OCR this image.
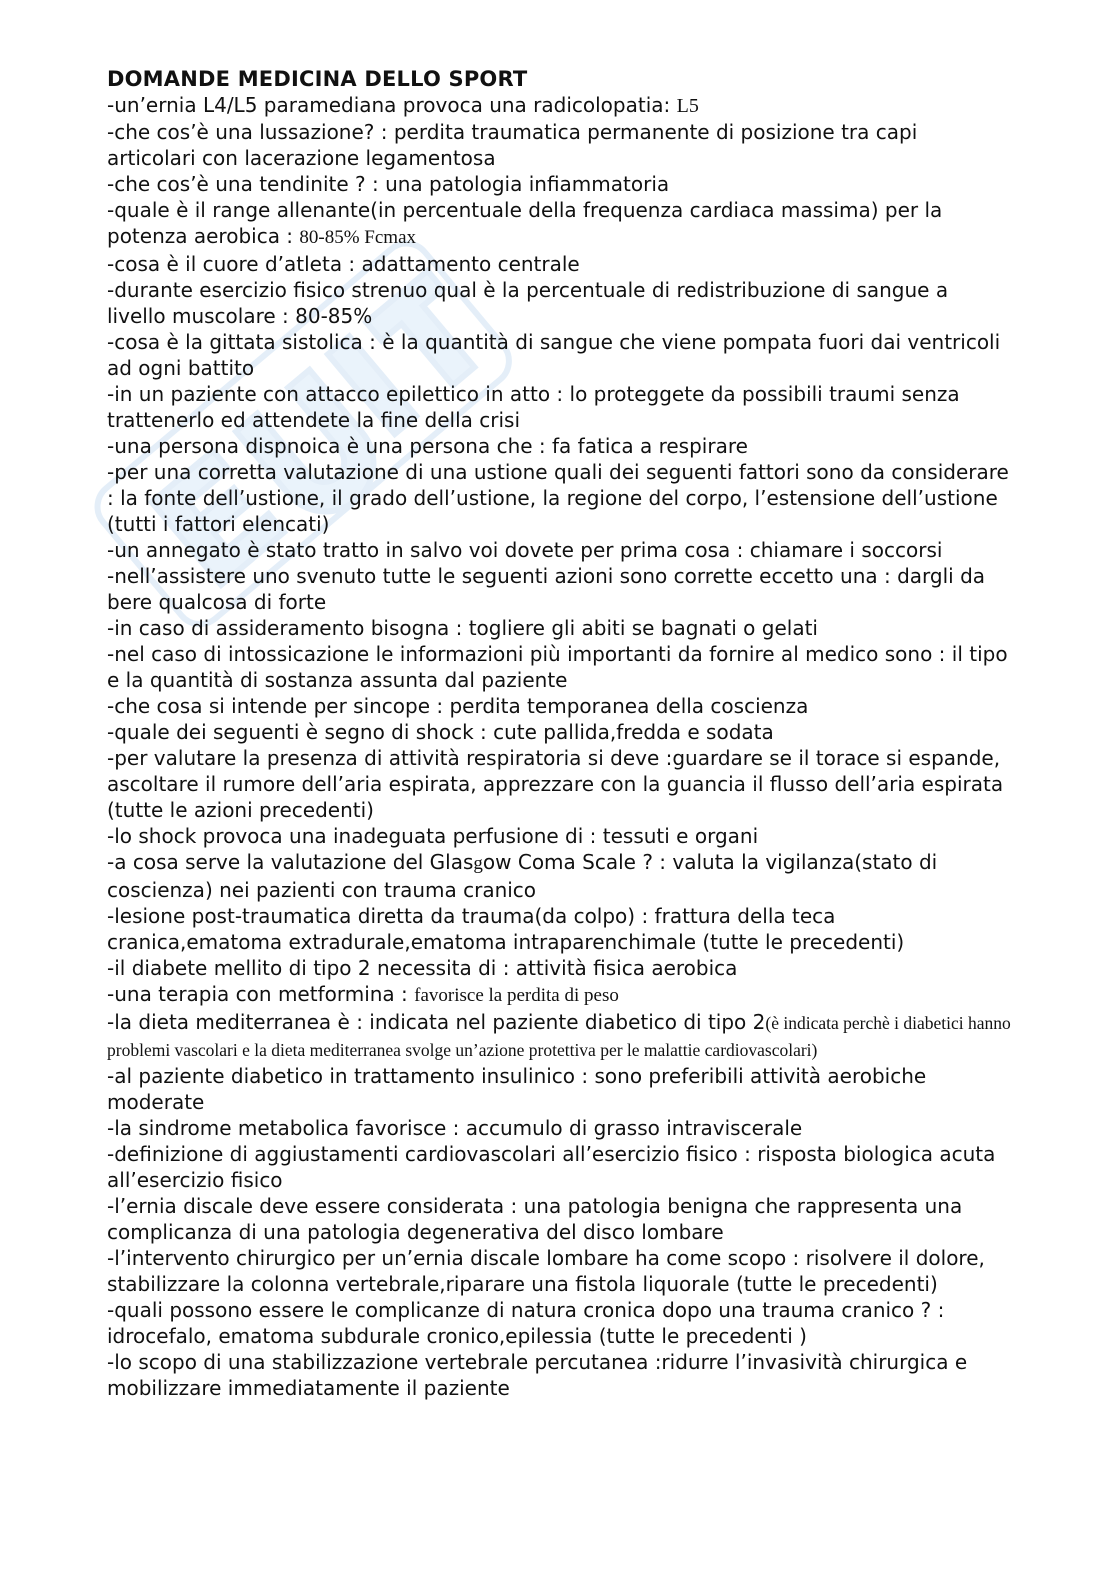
DOMANDE MEDICINA DELLO SPORT

-un’ernia L4/L5 paramediana provoca una radicolopatia: L5

-che cos’è una lussazione? : perdita traumatica permanente di posizione tra capi articolari con lacerazione legamentosa

-che cos’è una tendinite ? : una patologia infiammatoria

-quale è il range allenante(in percentuale della frequenza cardiaca massima) per la potenza aerobica : 80-85% Fcmax

-cosa è il cuore d’atleta : adattamento centrale

-durante esercizio fisico strenuo qual è la percentuale di redistribuzione di sangue a livello muscolare : 80-85%

-cosa è la gittata sistolica : è la quantità di sangue che viene pompata fuori dai ventricoli ad ogni battito

-in un paziente con attacco epilettico in atto : lo proteggete da possibili traumi senza trattenerlo ed attendete la fine della crisi

-una persona dispnoica è una persona che : fa fatica a respirare

-per una corretta valutazione di una ustione quali dei seguenti fattori sono da considerare : la fonte dell’ustione, il grado dell’ustione, la regione del corpo, l’estensione dell’ustione (tutti i fattori elencati)

-un annegato è stato tratto in salvo voi dovete per prima cosa : chiamare i soccorsi

-nell’assistere uno svenuto tutte le seguenti azioni sono corrette eccetto una : dargli da bere qualcosa di forte

-in caso di assideramento bisogna : togliere gli abiti se bagnati o gelati

-nel caso di intossicazione le informazioni più importanti da fornire al medico sono : il tipo e la quantità di sostanza assunta dal paziente

-che cosa si intende per sincope : perdita temporanea della coscienza

-quale dei seguenti è segno di shock : cute pallida,fredda e sodata

-per valutare la presenza di attività respiratoria si deve :guardare se il torace si espande, ascoltare il rumore dell’aria espirata, apprezzare con la guancia il flusso dell’aria espirata (tutte le azioni precedenti)

-lo shock provoca una inadeguata perfusione di : tessuti e organi

-a cosa serve la valutazione del Glasgow Coma Scale ? : valuta la vigilanza(stato di coscienza) nei pazienti con trauma cranico

-lesione post-traumatica diretta da trauma(da colpo) : frattura della teca cranica,ematoma extradurale,ematoma intraparenchimale (tutte le precedenti)

-il diabete mellito di tipo 2 necessita di : attività fisica aerobica

-una terapia con metformina : favorisce la perdita di peso

-la dieta mediterranea è : indicata nel paziente diabetico di tipo 2(è indicata perchè i diabetici hanno problemi vascolari e la dieta mediterranea svolge un’azione protettiva per le malattie cardiovascolari)

-al paziente diabetico in trattamento insulinico : sono preferibili attività aerobiche moderate

-la sindrome metabolica favorisce : accumulo di grasso intraviscerale

-definizione di aggiustamenti cardiovascolari all’esercizio fisico : risposta biologica acuta all’esercizio fisico

-l’ernia discale deve essere considerata : una patologia benigna che rappresenta una complicanza di una patologia degenerativa del disco lombare

-l’intervento chirurgico per un’ernia discale lombare ha come scopo : risolvere il dolore, stabilizzare la colonna vertebrale,riparare una fistola liquorale (tutte le precedenti)

-quali possono essere le complicanze di natura cronica dopo una trauma cranico ? : idrocefalo, ematoma subdurale cronico,epilessia (tutte le precedenti )

-lo scopo di una stabilizzazione vertebrale percutanea :ridurre l’invasività chirurgica e mobilizzare immediatamente il paziente
